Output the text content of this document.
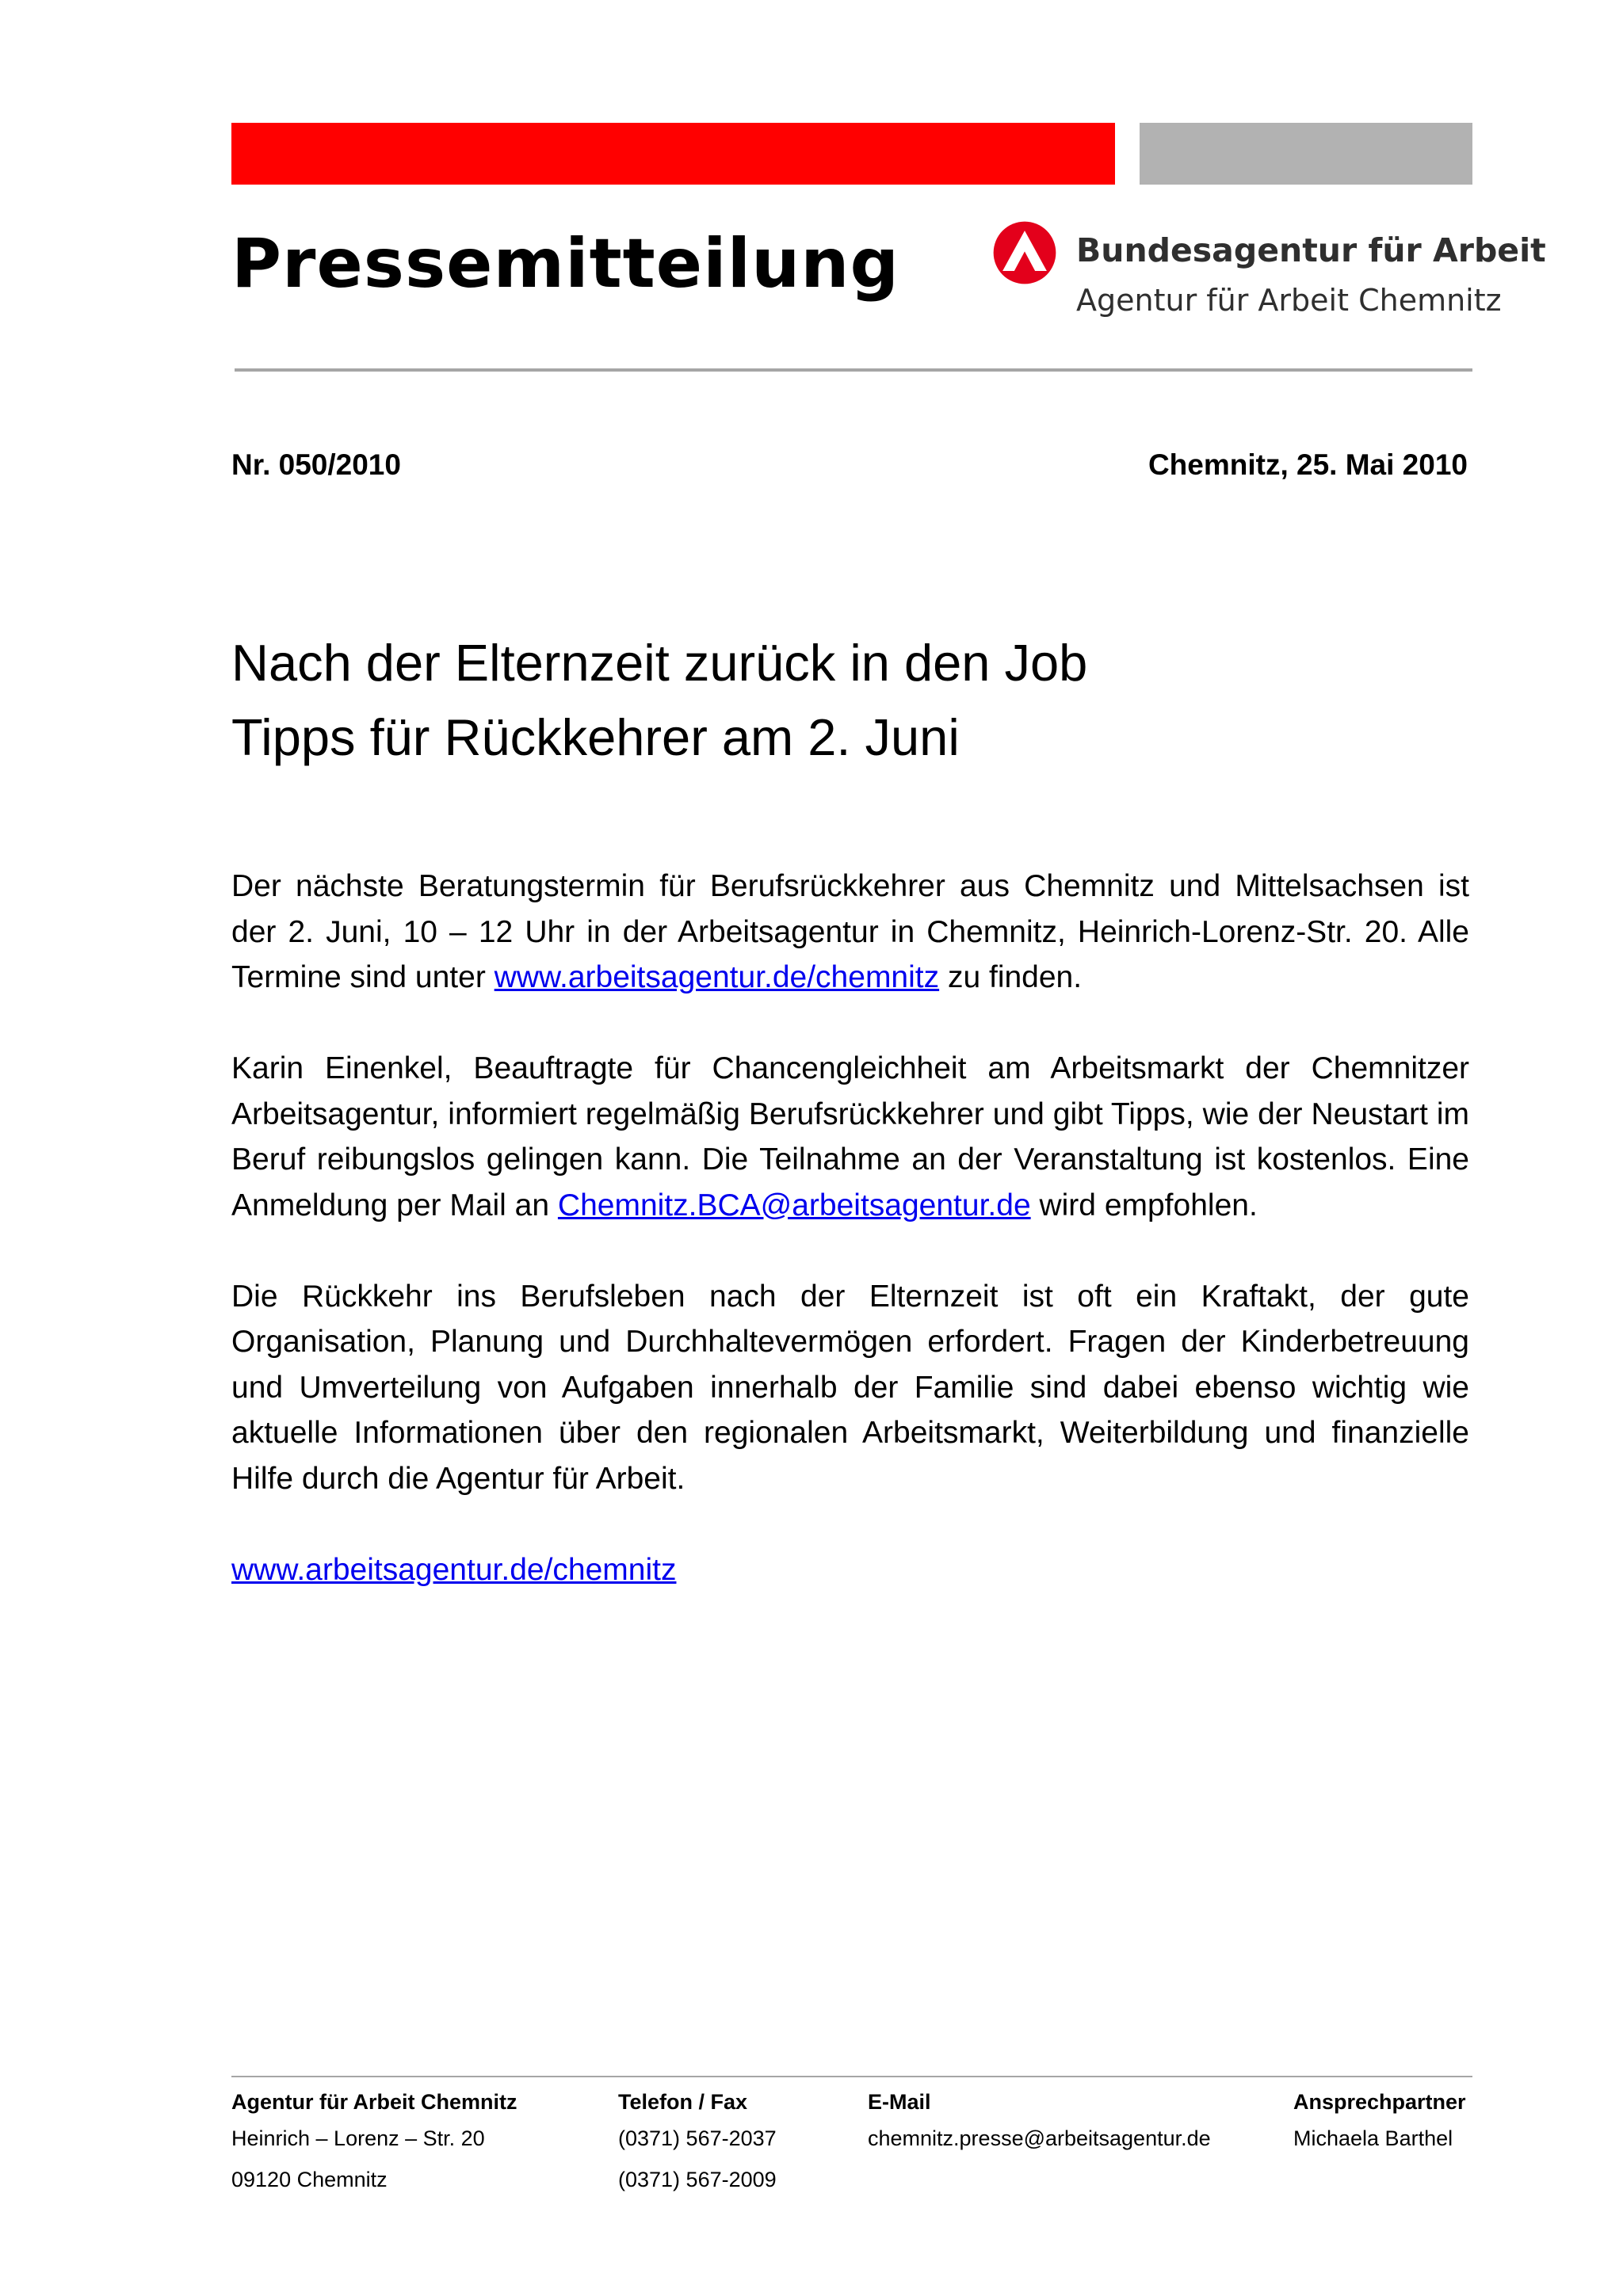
Pressemitteilung	Bundesagentur für Arbeit
Agentur für Arbeit Chemnitz
Nr. 050/2010	Chemnitz, 25. Mai 2010
Nach der Elternzeit zurück in den Job
Tipps für Rückkehrer am 2. Juni

Der nächste Beratungstermin für Berufsrückkehrer aus Chemnitz und Mittelsachsen ist der 2. Juni, 10 – 12 Uhr in der Arbeitsagentur in Chemnitz, Heinrich-Lorenz-Str. 20. Alle Termine sind unter www.arbeitsagentur.de/chemnitz zu finden.

Karin Einenkel, Beauftragte für Chancengleichheit am Arbeitsmarkt der Chemnitzer Arbeitsagentur, informiert regelmäßig Berufsrückkehrer und gibt Tipps, wie der Neustart im Beruf reibungslos gelingen kann. Die Teilnahme an der Veranstaltung ist kostenlos. Eine Anmeldung per Mail an Chemnitz.BCA@arbeitsagentur.de wird empfohlen.

Die Rückkehr ins Berufsleben nach der Elternzeit ist oft ein Kraftakt, der gute Organisation, Planung und Durchhaltevermögen erfordert. Fragen der Kinderbetreuung und Umverteilung von Aufgaben innerhalb der Familie sind dabei ebenso wichtig wie aktuelle Informationen über den regionalen Arbeitsmarkt, Weiterbildung und finanzielle Hilfe durch die Agentur für Arbeit.

www.arbeitsagentur.de/chemnitz

Agentur für Arbeit Chemnitz
Heinrich – Lorenz – Str. 20
09120 Chemnitz
Telefon / Fax
(0371) 567-2037
(0371) 567-2009
E-Mail
chemnitz.presse@arbeitsagentur.de
Ansprechpartner
Michaela Barthel
